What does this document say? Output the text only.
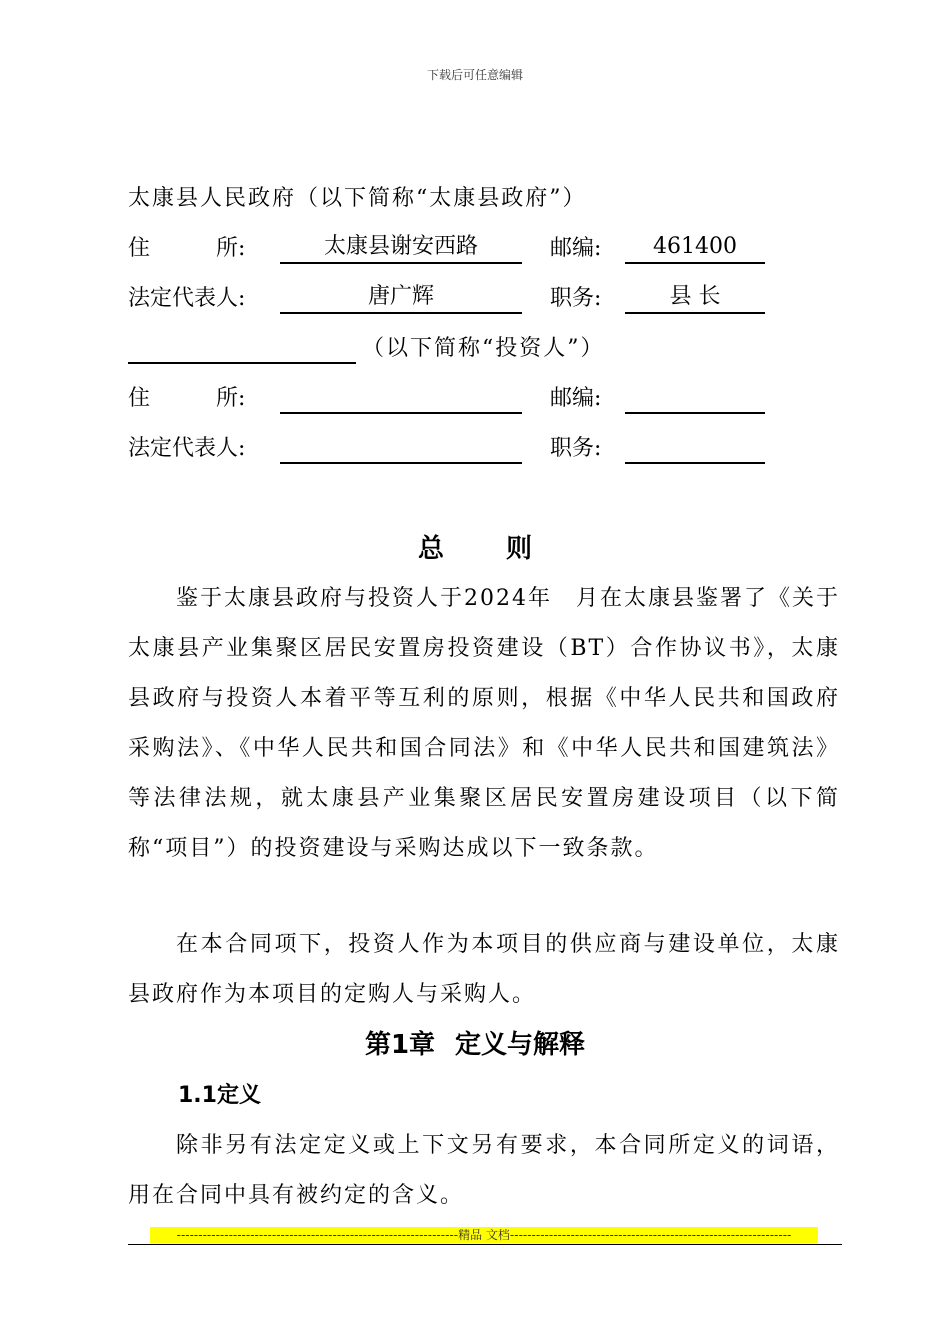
下载后可任意编辑
太康县人民政府（以下简称“太康县政府”）
住　　　所:	太康县谢安西路	邮编:	461400
法定代表人:	唐广辉	职务:	县 长
（以下简称“投资人”）
住　　　所:	邮编:
法定代表人:	职务:
总　则

鉴于太康县政府与投资人于2024年　月在太康县鉴署了《关于太康县产业集聚区居民安置房投资建设（BT）合作协议书》，太康县政府与投资人本着平等互利的原则，根据《中华人民共和国政府采购法》、《中华人民共和国合同法》和《中华人民共和国建筑法》等法律法规，就太康县产业集聚区居民安置房建设项目（以下简称“项目”）的投资建设与采购达成以下一致条款。

在本合同项下，投资人作为本项目的供应商与建设单位，太康县政府作为本项目的定购人与采购人。

第1章 定义与解释
1.1定义

除非另有法定定义或上下文另有要求，本合同所定义的词语，用在合同中具有被约定的含义。

-----------------------------------------------------------------精品 文档-----------------------------------------------------------------
